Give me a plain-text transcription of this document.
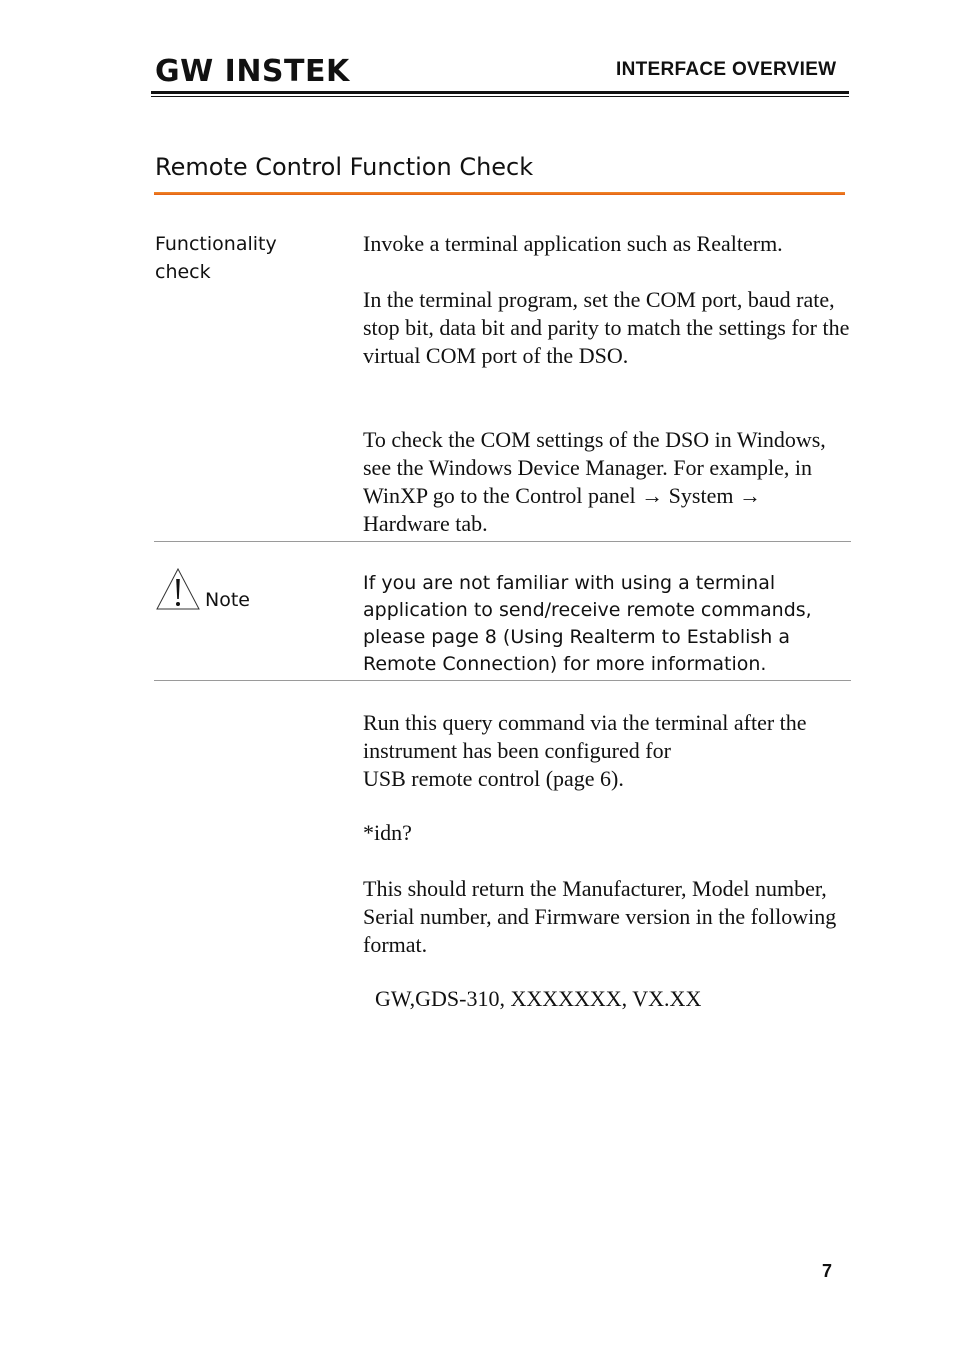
GW INSTEK	INTERFACE OVERVIEW
Remote Control Function Check
Functionality
check

Invoke a terminal application such as Realterm.

In the terminal program, set the COM port, baud rate, stop bit, data bit and parity to match the settings for the virtual COM port of the DSO.

To check the COM settings of the DSO in Windows, see the Windows Device Manager. For example, in WinXP go to the Control panel → System → Hardware tab.

Note

If you are not familiar with using a terminal application to send/receive remote commands, please page 8 (Using Realterm to Establish a Remote Connection) for more information.

Run this query command via the terminal after the instrument has been configured for
USB remote control (page 6).

*idn?

This should return the Manufacturer, Model number, Serial number, and Firmware version in the following format.

GW,GDS-310, XXXXXXX, VX.XX
7
